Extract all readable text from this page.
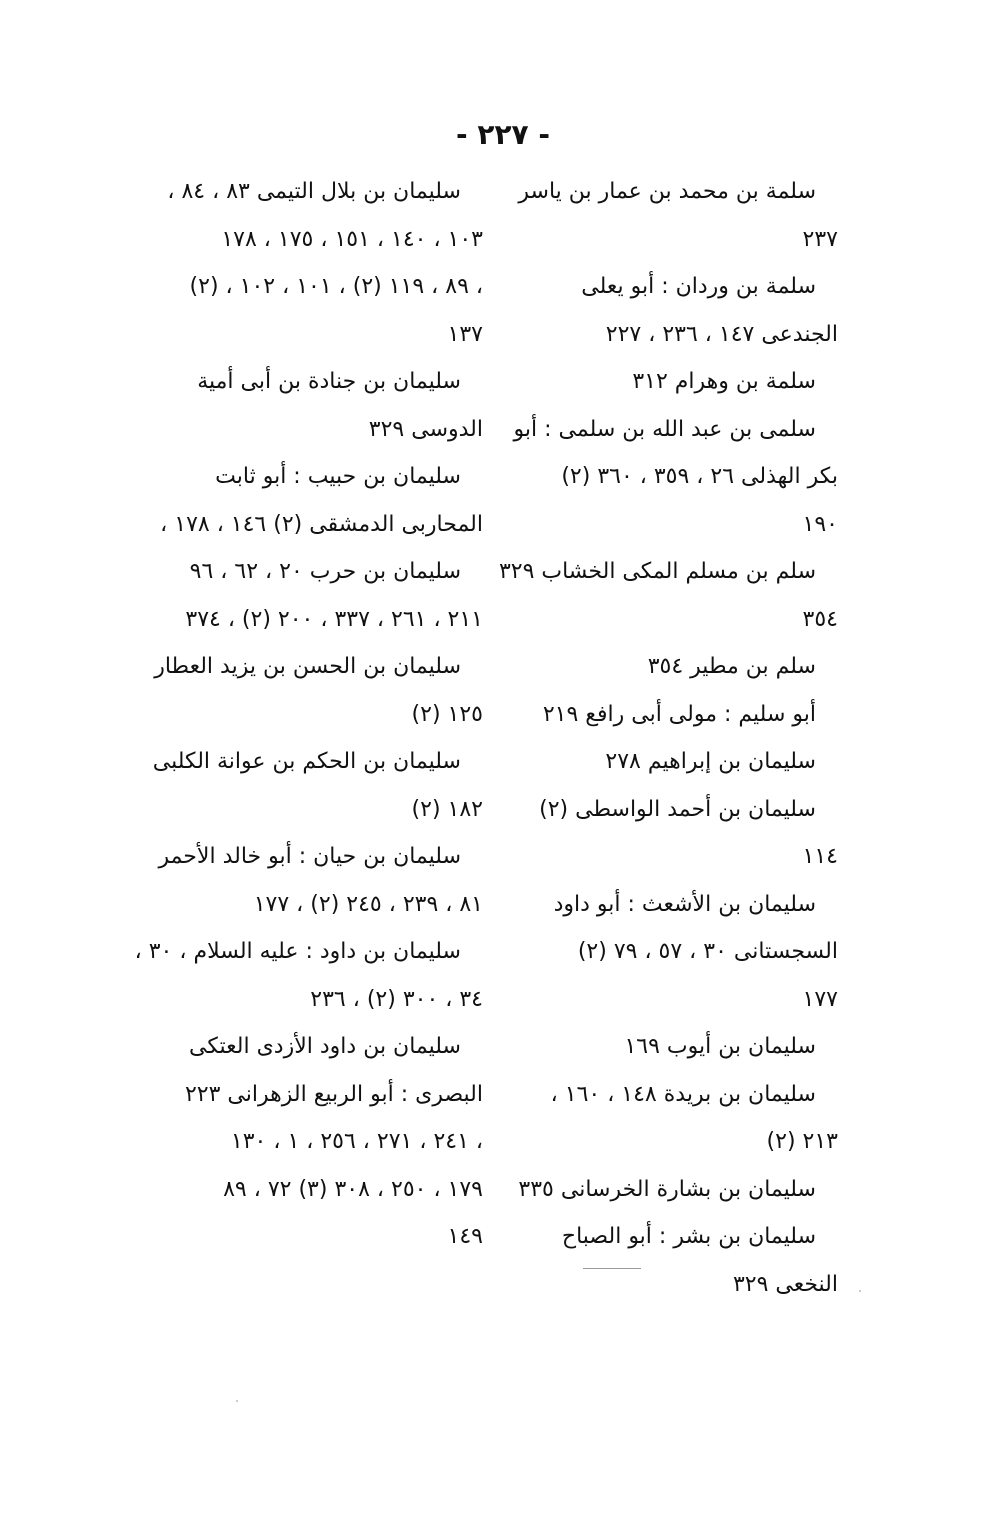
- ٢٢٧ -
سلمة بن محمد بن عمار بن ياسر
٢٣٧
سلمة بن وردان : أبو يعلى
الجندعى ١٤٧ ، ٢٣٦ ، ٢٢٧
سلمة بن وهرام ٣١٢
سلمى بن عبد الله بن سلمى : أبو
بكر الهذلى ٢٦ ، ٣٥٩ ، ٣٦٠ (٢)
١٩٠
سلم بن مسلم المكى الخشاب ٣٢٩
٣٥٤
سلم بن مطير ٣٥٤
أبو سليم : مولى أبى رافع ٢١٩
سليمان بن إبراهيم ٢٧٨
سليمان بن أحمد الواسطى (٢)
١١٤
سليمان بن الأشعث : أبو داود
السجستانى ٣٠ ، ٥٧ ، ٧٩ (٢)
١٧٧
سليمان بن أيوب ١٦٩
سليمان بن بريدة ١٤٨ ، ١٦٠ ،
٢١٣ (٢)
سليمان بن بشارة الخرسانى ٣٣٥
سليمان بن بشر : أبو الصباح
النخعى ٣٢٩
سليمان بن بلال التيمى ٨٣ ، ٨٤ ،
١٠٣ ، ١٤٠ ، ١٥١ ، ١٧٥ ، ١٧٨
(٢) ، ٨٩ ، ١١٩ (٢) ، ١٠١ ، ١٠٢ ،
١٣٧
سليمان بن جنادة بن أبى أمية
الدوسى ٣٢٩
سليمان بن حبيب : أبو ثابت
المحاربى الدمشقى (٢) ١٤٦ ، ١٧٨ ،
سليمان بن حرب ٢٠ ، ٦٢ ، ٩٦
٢١١ ، ٢٦١ ، ٣٣٧ ، ٢٠٠ (٢) ، ٣٧٤
سليمان بن الحسن بن يزيد العطار
١٢٥ (٢)
سليمان بن الحكم بن عوانة الكلبى
١٨٢ (٢)
سليمان بن حيان : أبو خالد الأحمر
٨١ ، ٢٣٩ ، ٢٤٥ (٢) ، ١٧٧
سليمان بن داود : عليه السلام ، ٣٠ ،
٣٤ ، ٣٠٠ (٢) ، ٢٣٦
سليمان بن داود الأزدى العتكى
البصرى : أبو الربيع الزهرانى ٢٢٣
٢٤١ ، ٢٧١ ، ٢٥٦ ، ١ ، ١٣٠ ،
١٧٩ ، ٢٥٠ ، ٣٠٨ (٣) ٧٢ ، ٨٩
١٤٩
